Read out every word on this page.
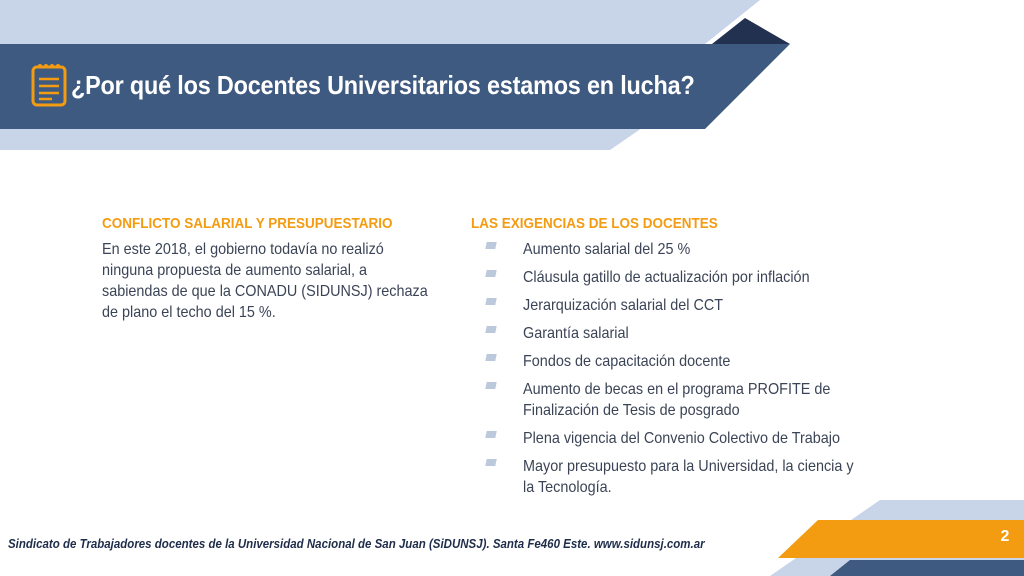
¿Por qué los Docentes Universitarios estamos en lucha?
CONFLICTO SALARIAL Y PRESUPUESTARIO

En este 2018, el gobierno todavía no realizó ninguna propuesta de aumento salarial, a sabiendas de que la CONADU (SIDUNSJ) rechaza de plano el techo del 15 %.

LAS EXIGENCIAS DE LOS DOCENTES
Aumento salarial del 25 %
Cláusula gatillo de actualización por inflación
Jerarquización salarial del CCT
Garantía salarial
Fondos de capacitación docente
Aumento de becas en el programa PROFITE de Finalización de Tesis de posgrado
Plena vigencia del Convenio Colectivo de Trabajo
Mayor presupuesto para la Universidad, la ciencia y la Tecnología.

Sindicato de Trabajadores docentes de la Universidad Nacional de San Juan (SiDUNSJ). Santa Fe460 Este. www.sidunsj.com.ar	2
